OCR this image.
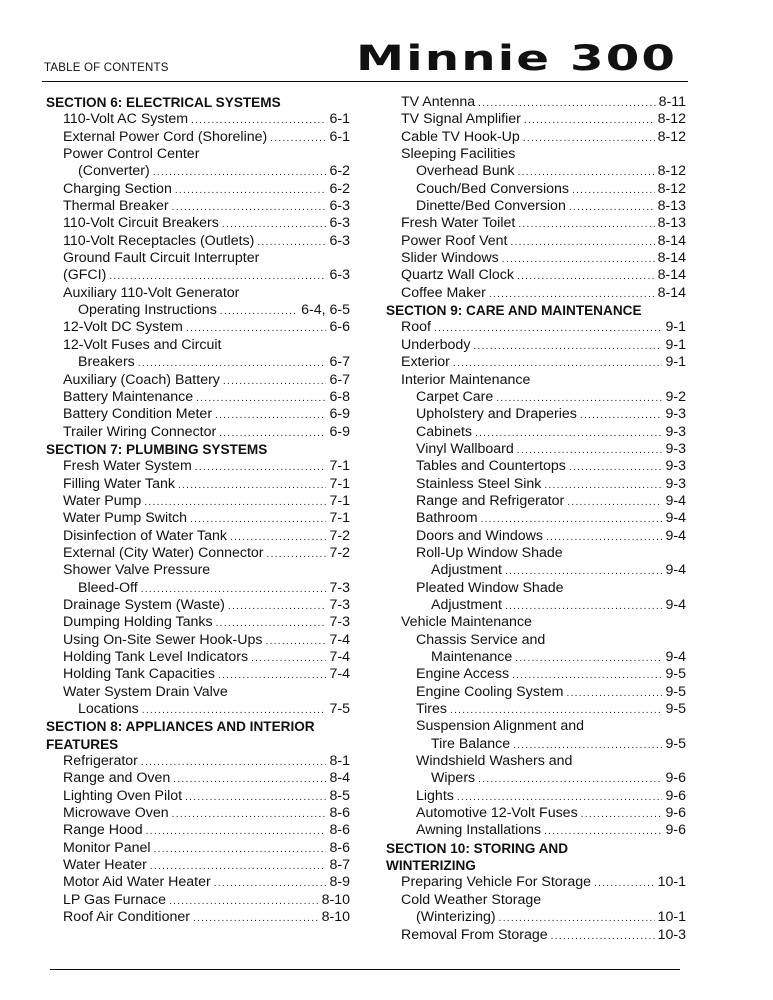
TABLE OF CONTENTS	Minnie 300
SECTION 6: ELECTRICAL SYSTEMS
110-Volt AC System .....	6-1
External Power Cord (Shoreline) .....	6-1
Power Control Center
(Converter) .....	6-2
Charging Section .....	6-2
Thermal Breaker .....	6-3
110-Volt Circuit Breakers .....	6-3
110-Volt Receptacles (Outlets) .....	6-3
Ground Fault Circuit Interrupter
(GFCI) .....	6-3
Auxiliary 110-Volt Generator
Operating Instructions .....	6-4, 6-5
12-Volt DC System .....	6-6
12-Volt Fuses and Circuit
Breakers .....	6-7
Auxiliary (Coach) Battery .....	6-7
Battery Maintenance .....	6-8
Battery Condition Meter .....	6-9
Trailer Wiring Connector .....	6-9
SECTION 7: PLUMBING SYSTEMS
Fresh Water System .....	7-1
Filling Water Tank .....	7-1
Water Pump .....	7-1
Water Pump Switch .....	7-1
Disinfection of Water Tank .....	7-2
External (City Water) Connector .....	7-2
Shower Valve Pressure
Bleed-Off .....	7-3
Drainage System (Waste) .....	7-3
Dumping Holding Tanks .....	7-3
Using On-Site Sewer Hook-Ups .....	7-4
Holding Tank Level Indicators .....	7-4
Holding Tank Capacities .....	7-4
Water System Drain Valve
Locations .....	7-5
SECTION 8: APPLIANCES AND INTERIOR
FEATURES
Refrigerator .....	8-1
Range and Oven .....	8-4
Lighting Oven Pilot .....	8-5
Microwave Oven .....	8-6
Range Hood .....	8-6
Monitor Panel .....	8-6
Water Heater .....	8-7
Motor Aid Water Heater .....	8-9
LP Gas Furnace .....	8-10
Roof Air Conditioner .....	8-10
TV Antenna .....	8-11
TV Signal Amplifier .....	8-12
Cable TV Hook-Up .....	8-12
Sleeping Facilities
Overhead Bunk .....	8-12
Couch/Bed Conversions .....	8-12
Dinette/Bed Conversion .....	8-13
Fresh Water Toilet .....	8-13
Power Roof Vent .....	8-14
Slider Windows .....	8-14
Quartz Wall Clock .....	8-14
Coffee Maker .....	8-14
SECTION 9: CARE AND MAINTENANCE
Roof .....	9-1
Underbody .....	9-1
Exterior .....	9-1
Interior Maintenance
Carpet Care .....	9-2
Upholstery and Draperies .....	9-3
Cabinets .....	9-3
Vinyl Wallboard .....	9-3
Tables and Countertops .....	9-3
Stainless Steel Sink .....	9-3
Range and Refrigerator .....	9-4
Bathroom .....	9-4
Doors and Windows .....	9-4
Roll-Up Window Shade
Adjustment .....	9-4
Pleated Window Shade
Adjustment .....	9-4
Vehicle Maintenance
Chassis Service and
Maintenance .....	9-4
Engine Access .....	9-5
Engine Cooling System .....	9-5
Tires .....	9-5
Suspension Alignment and
Tire Balance .....	9-5
Windshield Washers and
Wipers .....	9-6
Lights .....	9-6
Automotive 12-Volt Fuses .....	9-6
Awning Installations .....	9-6
SECTION 10: STORING AND
WINTERIZING
Preparing Vehicle For Storage .....	10-1
Cold Weather Storage
(Winterizing) .....	10-1
Removal From Storage .....	10-3
